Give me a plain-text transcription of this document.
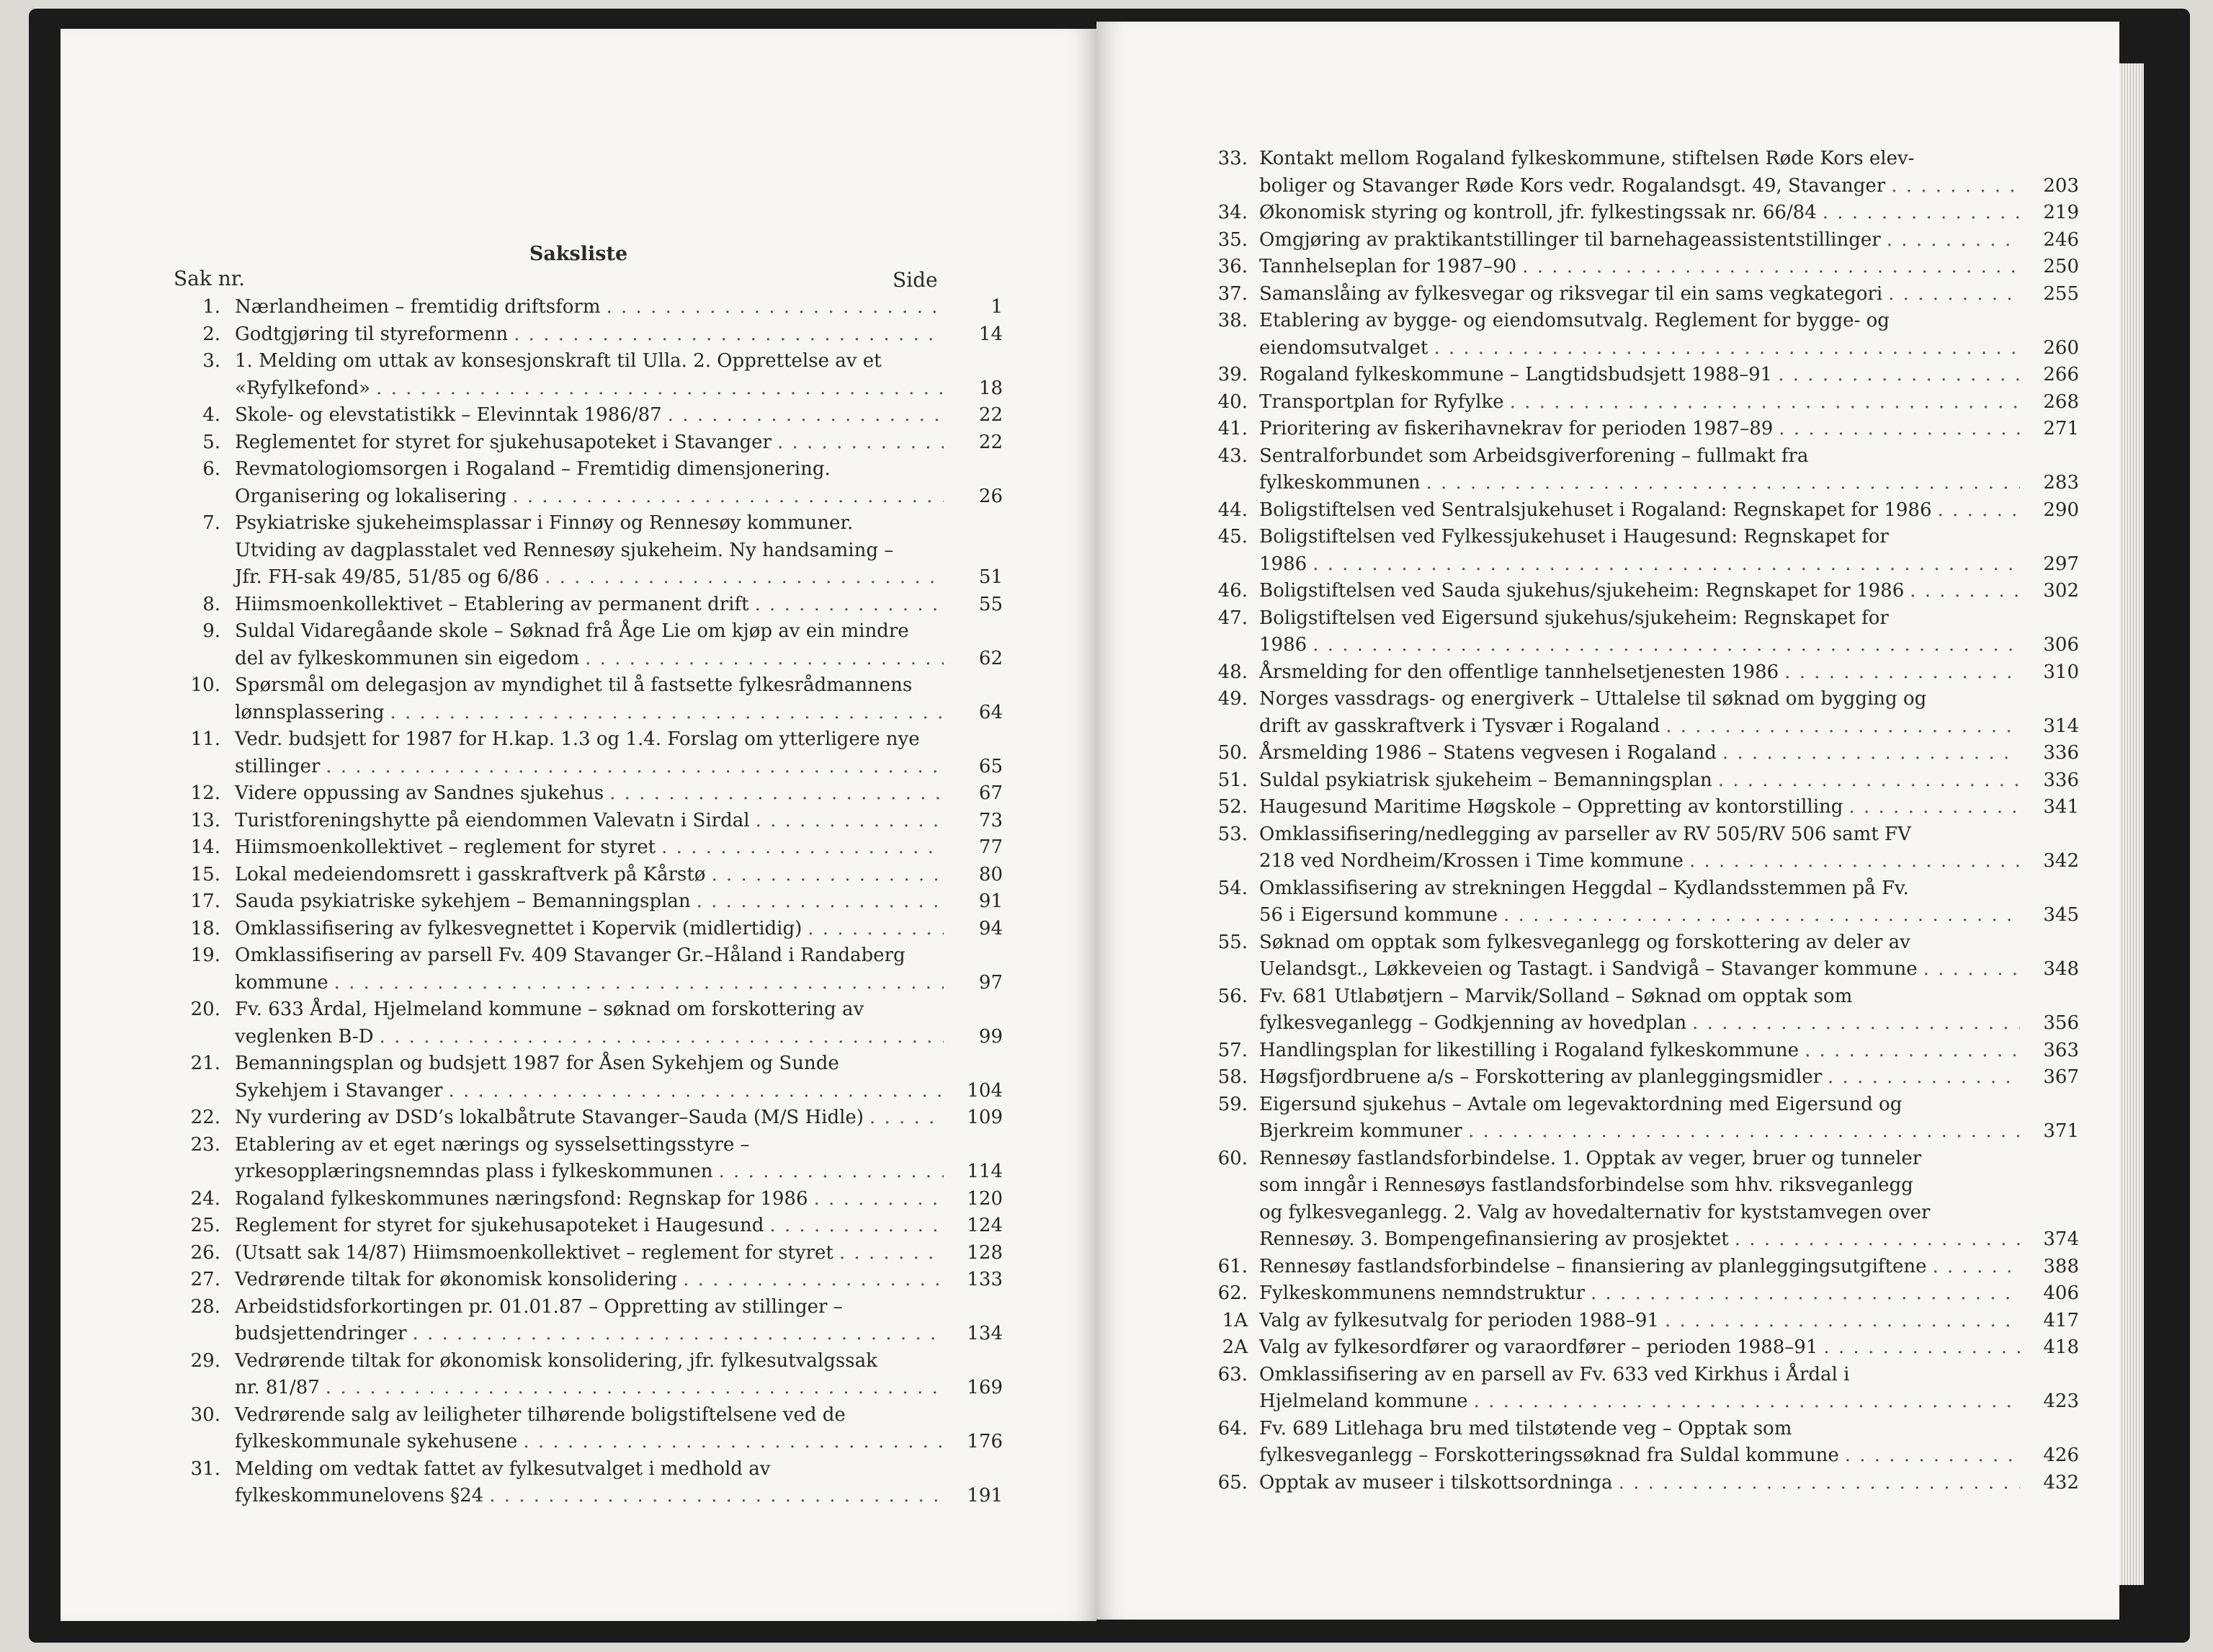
Saksliste
Sak nr.	Side
1. Nærlandheimen – fremtidig driftsform . . .	1
2. Godtgjøring til styreformenn . . .	14
3. 1. Melding om uttak av konsesjonskraft til Ulla. 2. Opprettelse av et
«Ryfylkefond» . . .	18
4. Skole- og elevstatistikk – Elevinntak 1986/87 . . .	22
5. Reglementet for styret for sjukehusapoteket i Stavanger . . .	22
6. Revmatologiomsorgen i Rogaland – Fremtidig dimensjonering.
Organisering og lokalisering . . .	26
7. Psykiatriske sjukeheimsplassar i Finnøy og Rennesøy kommuner.
Utviding av dagplasstalet ved Rennesøy sjukeheim. Ny handsaming –
Jfr. FH-sak 49/85, 51/85 og 6/86 . . .	51
8. Hiimsmoenkollektivet – Etablering av permanent drift . . .	55
9. Suldal Vidaregåande skole – Søknad frå Åge Lie om kjøp av ein mindre
del av fylkeskommunen sin eigedom . . .	62
10. Spørsmål om delegasjon av myndighet til å fastsette fylkesrådmannens
lønnsplassering . . .	64
11. Vedr. budsjett for 1987 for H.kap. 1.3 og 1.4. Forslag om ytterligere nye
stillinger . . .	65
12. Videre oppussing av Sandnes sjukehus . . .	67
13. Turistforeningshytte på eiendommen Valevatn i Sirdal . . .	73
14. Hiimsmoenkollektivet – reglement for styret . . .	77
15. Lokal medeiendomsrett i gasskraftverk på Kårstø . . .	80
17. Sauda psykiatriske sykehjem – Bemanningsplan . . .	91
18. Omklassifisering av fylkesvegnettet i Kopervik (midlertidig) . . .	94
19. Omklassifisering av parsell Fv. 409 Stavanger Gr.–Håland i Randaberg
kommune . . .	97
20. Fv. 633 Årdal, Hjelmeland kommune – søknad om forskottering av
veglenken B-D . . .	99
21. Bemanningsplan og budsjett 1987 for Åsen Sykehjem og Sunde
Sykehjem i Stavanger . . .	104
22. Ny vurdering av DSD’s lokalbåtrute Stavanger–Sauda (M/S Hidle) . . .	109
23. Etablering av et eget nærings og sysselsettingsstyre –
yrkesopplæringsnemndas plass i fylkeskommunen . . .	114
24. Rogaland fylkeskommunes næringsfond: Regnskap for 1986 . . .	120
25. Reglement for styret for sjukehusapoteket i Haugesund . . .	124
26. (Utsatt sak 14/87) Hiimsmoenkollektivet – reglement for styret . . .	128
27. Vedrørende tiltak for økonomisk konsolidering . . .	133
28. Arbeidstidsforkortingen pr. 01.01.87 – Oppretting av stillinger –
budsjettendringer . . .	134
29. Vedrørende tiltak for økonomisk konsolidering, jfr. fylkesutvalgssak
nr. 81/87 . . .	169
30. Vedrørende salg av leiligheter tilhørende boligstiftelsene ved de
fylkeskommunale sykehusene . . .	176
31. Melding om vedtak fattet av fylkesutvalget i medhold av
fylkeskommunelovens §24 . . .	191
33. Kontakt mellom Rogaland fylkeskommune, stiftelsen Røde Kors elev-
boliger og Stavanger Røde Kors vedr. Rogalandsgt. 49, Stavanger . . .	203
34. Økonomisk styring og kontroll, jfr. fylkestingssak nr. 66/84 . . .	219
35. Omgjøring av praktikantstillinger til barnehageassistentstillinger . . .	246
36. Tannhelseplan for 1987–90 . . .	250
37. Samanslåing av fylkesvegar og riksvegar til ein sams vegkategori . . .	255
38. Etablering av bygge- og eiendomsutvalg. Reglement for bygge- og
eiendomsutvalget . . .	260
39. Rogaland fylkeskommune – Langtidsbudsjett 1988–91 . . .	266
40. Transportplan for Ryfylke . . .	268
41. Prioritering av fiskerihavnekrav for perioden 1987–89 . . .	271
43. Sentralforbundet som Arbeidsgiverforening – fullmakt fra
fylkeskommunen . . .	283
44. Boligstiftelsen ved Sentralsjukehuset i Rogaland: Regnskapet for 1986 . . .	290
45. Boligstiftelsen ved Fylkessjukehuset i Haugesund: Regnskapet for
1986 . . .	297
46. Boligstiftelsen ved Sauda sjukehus/sjukeheim: Regnskapet for 1986 . . .	302
47. Boligstiftelsen ved Eigersund sjukehus/sjukeheim: Regnskapet for
1986 . . .	306
48. Årsmelding for den offentlige tannhelsetjenesten 1986 . . .	310
49. Norges vassdrags- og energiverk – Uttalelse til søknad om bygging og
drift av gasskraftverk i Tysvær i Rogaland . . .	314
50. Årsmelding 1986 – Statens vegvesen i Rogaland . . .	336
51. Suldal psykiatrisk sjukeheim – Bemanningsplan . . .	336
52. Haugesund Maritime Høgskole – Oppretting av kontorstilling . . .	341
53. Omklassifisering/nedlegging av parseller av RV 505/RV 506 samt FV
218 ved Nordheim/Krossen i Time kommune . . .	342
54. Omklassifisering av strekningen Heggdal – Kydlandsstemmen på Fv.
56 i Eigersund kommune . . .	345
55. Søknad om opptak som fylkesveganlegg og forskottering av deler av
Uelandsgt., Løkkeveien og Tastagt. i Sandvigå – Stavanger kommune . . .	348
56. Fv. 681 Utlabøtjern – Marvik/Solland – Søknad om opptak som
fylkesveganlegg – Godkjenning av hovedplan . . .	356
57. Handlingsplan for likestilling i Rogaland fylkeskommune . . .	363
58. Høgsfjordbruene a/s – Forskottering av planleggingsmidler . . .	367
59. Eigersund sjukehus – Avtale om legevaktordning med Eigersund og
Bjerkreim kommuner . . .	371
60. Rennesøy fastlandsforbindelse. 1. Opptak av veger, bruer og tunneler
som inngår i Rennesøys fastlandsforbindelse som hhv. riksveganlegg
og fylkesveganlegg. 2. Valg av hovedalternativ for kyststamvegen over
Rennesøy. 3. Bompengefinansiering av prosjektet . . .	374
61. Rennesøy fastlandsforbindelse – finansiering av planleggingsutgiftene . . .	388
62. Fylkeskommunens nemndstruktur . . .	406
1A Valg av fylkesutvalg for perioden 1988–91 . . .	417
2A Valg av fylkesordfører og varaordfører – perioden 1988–91 . . .	418
63. Omklassifisering av en parsell av Fv. 633 ved Kirkhus i Årdal i
Hjelmeland kommune . . .	423
64. Fv. 689 Litlehaga bru med tilstøtende veg – Opptak som
fylkesveganlegg – Forskotteringssøknad fra Suldal kommune . . .	426
65. Opptak av museer i tilskottsordninga . . .	432
